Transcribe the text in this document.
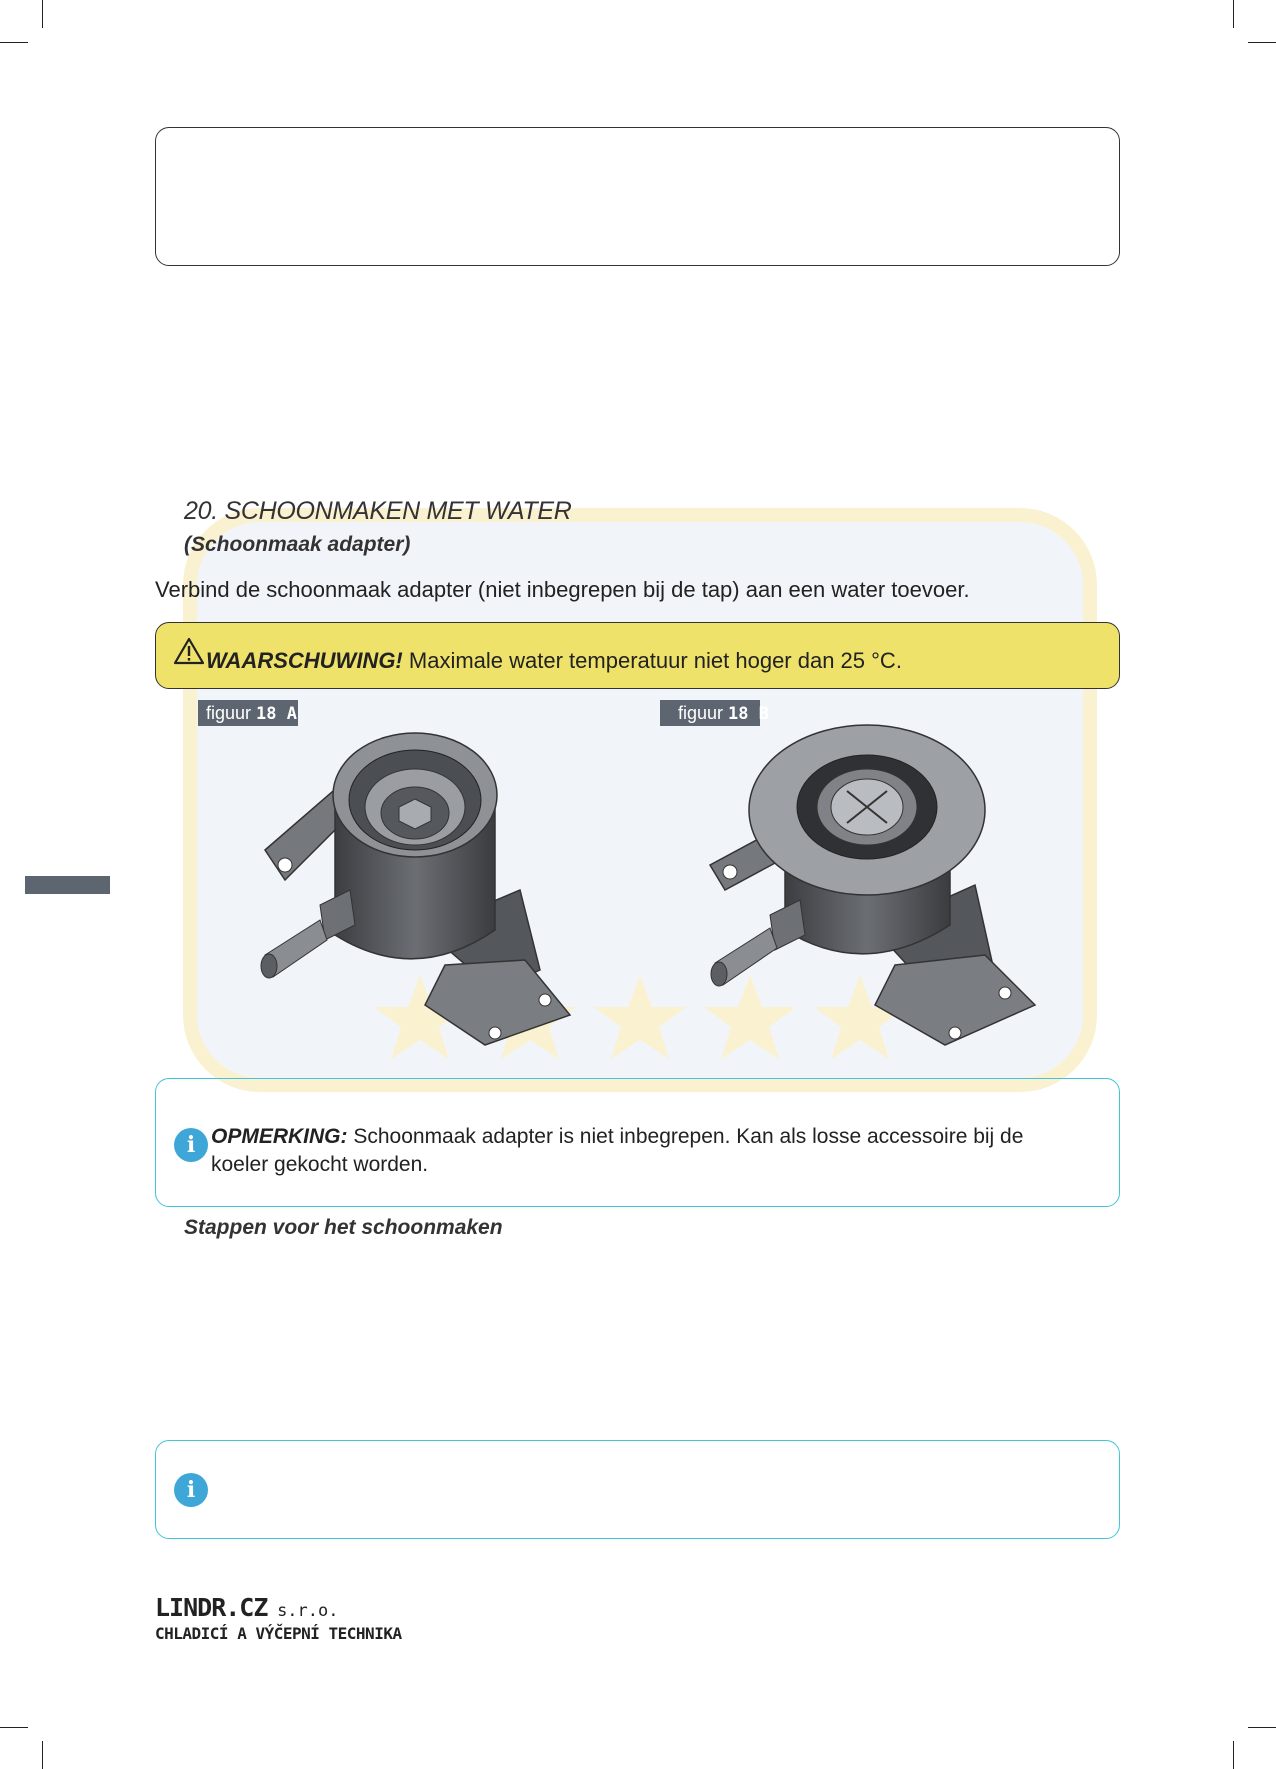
20. SCHOONMAKEN MET WATER
(Schoonmaak adapter)
Verbind de schoonmaak adapter (niet inbegrepen bij de tap) aan een water toevoer.
WAARSCHUWING! Maximale water temperatuur niet hoger dan 25 °C.
figuur 18 A	figuur 18 B
i OPMERKING: Schoonmaak adapter is niet inbegrepen. Kan als losse accessoire bij de koeler gekocht worden.
Stappen voor het schoonmaken
i
LINDR.CZ s.r.o.
CHLADICÍ A VÝČEPNÍ TECHNIKA
